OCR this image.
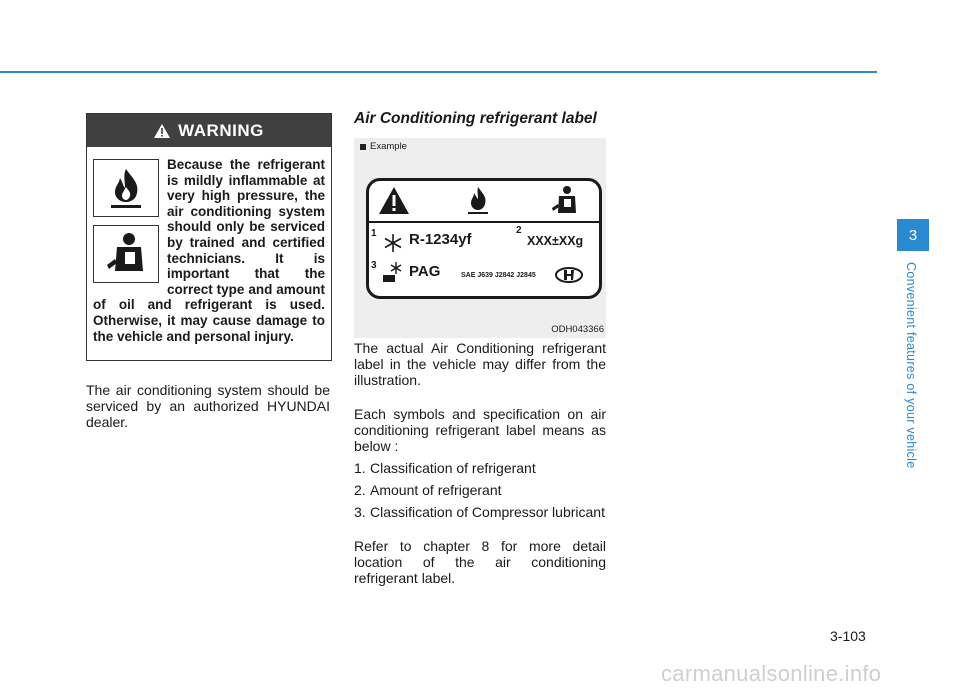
WARNING
Because the refrigerant is mildly inflammable at very high pressure, the air conditioning system should only be serviced by trained and certified technicians. It is important that the correct type and amount of oil and refrigerant is used. Otherwise, it may cause damage to the vehicle and personal injury.
The air conditioning system should be serviced by an authorized HYUNDAI dealer.
Air Conditioning refrigerant label
Example
1 R-1234yf
2
XXX±XXg
3 PAG	SAE J639 J2842 J2845
ODH043366

The actual Air Conditioning refrigerant label in the vehicle may differ from the illustration.

Each symbols and specification on air conditioning refrigerant label means as below :

1. Classification of refrigerant
2. Amount of refrigerant
3. Classification of Compressor lubricant

Refer to chapter 8 for more detail location of the air conditioning refrigerant label.

3
Convenient features of your vehicle
3-103
carmanualsonline.info
